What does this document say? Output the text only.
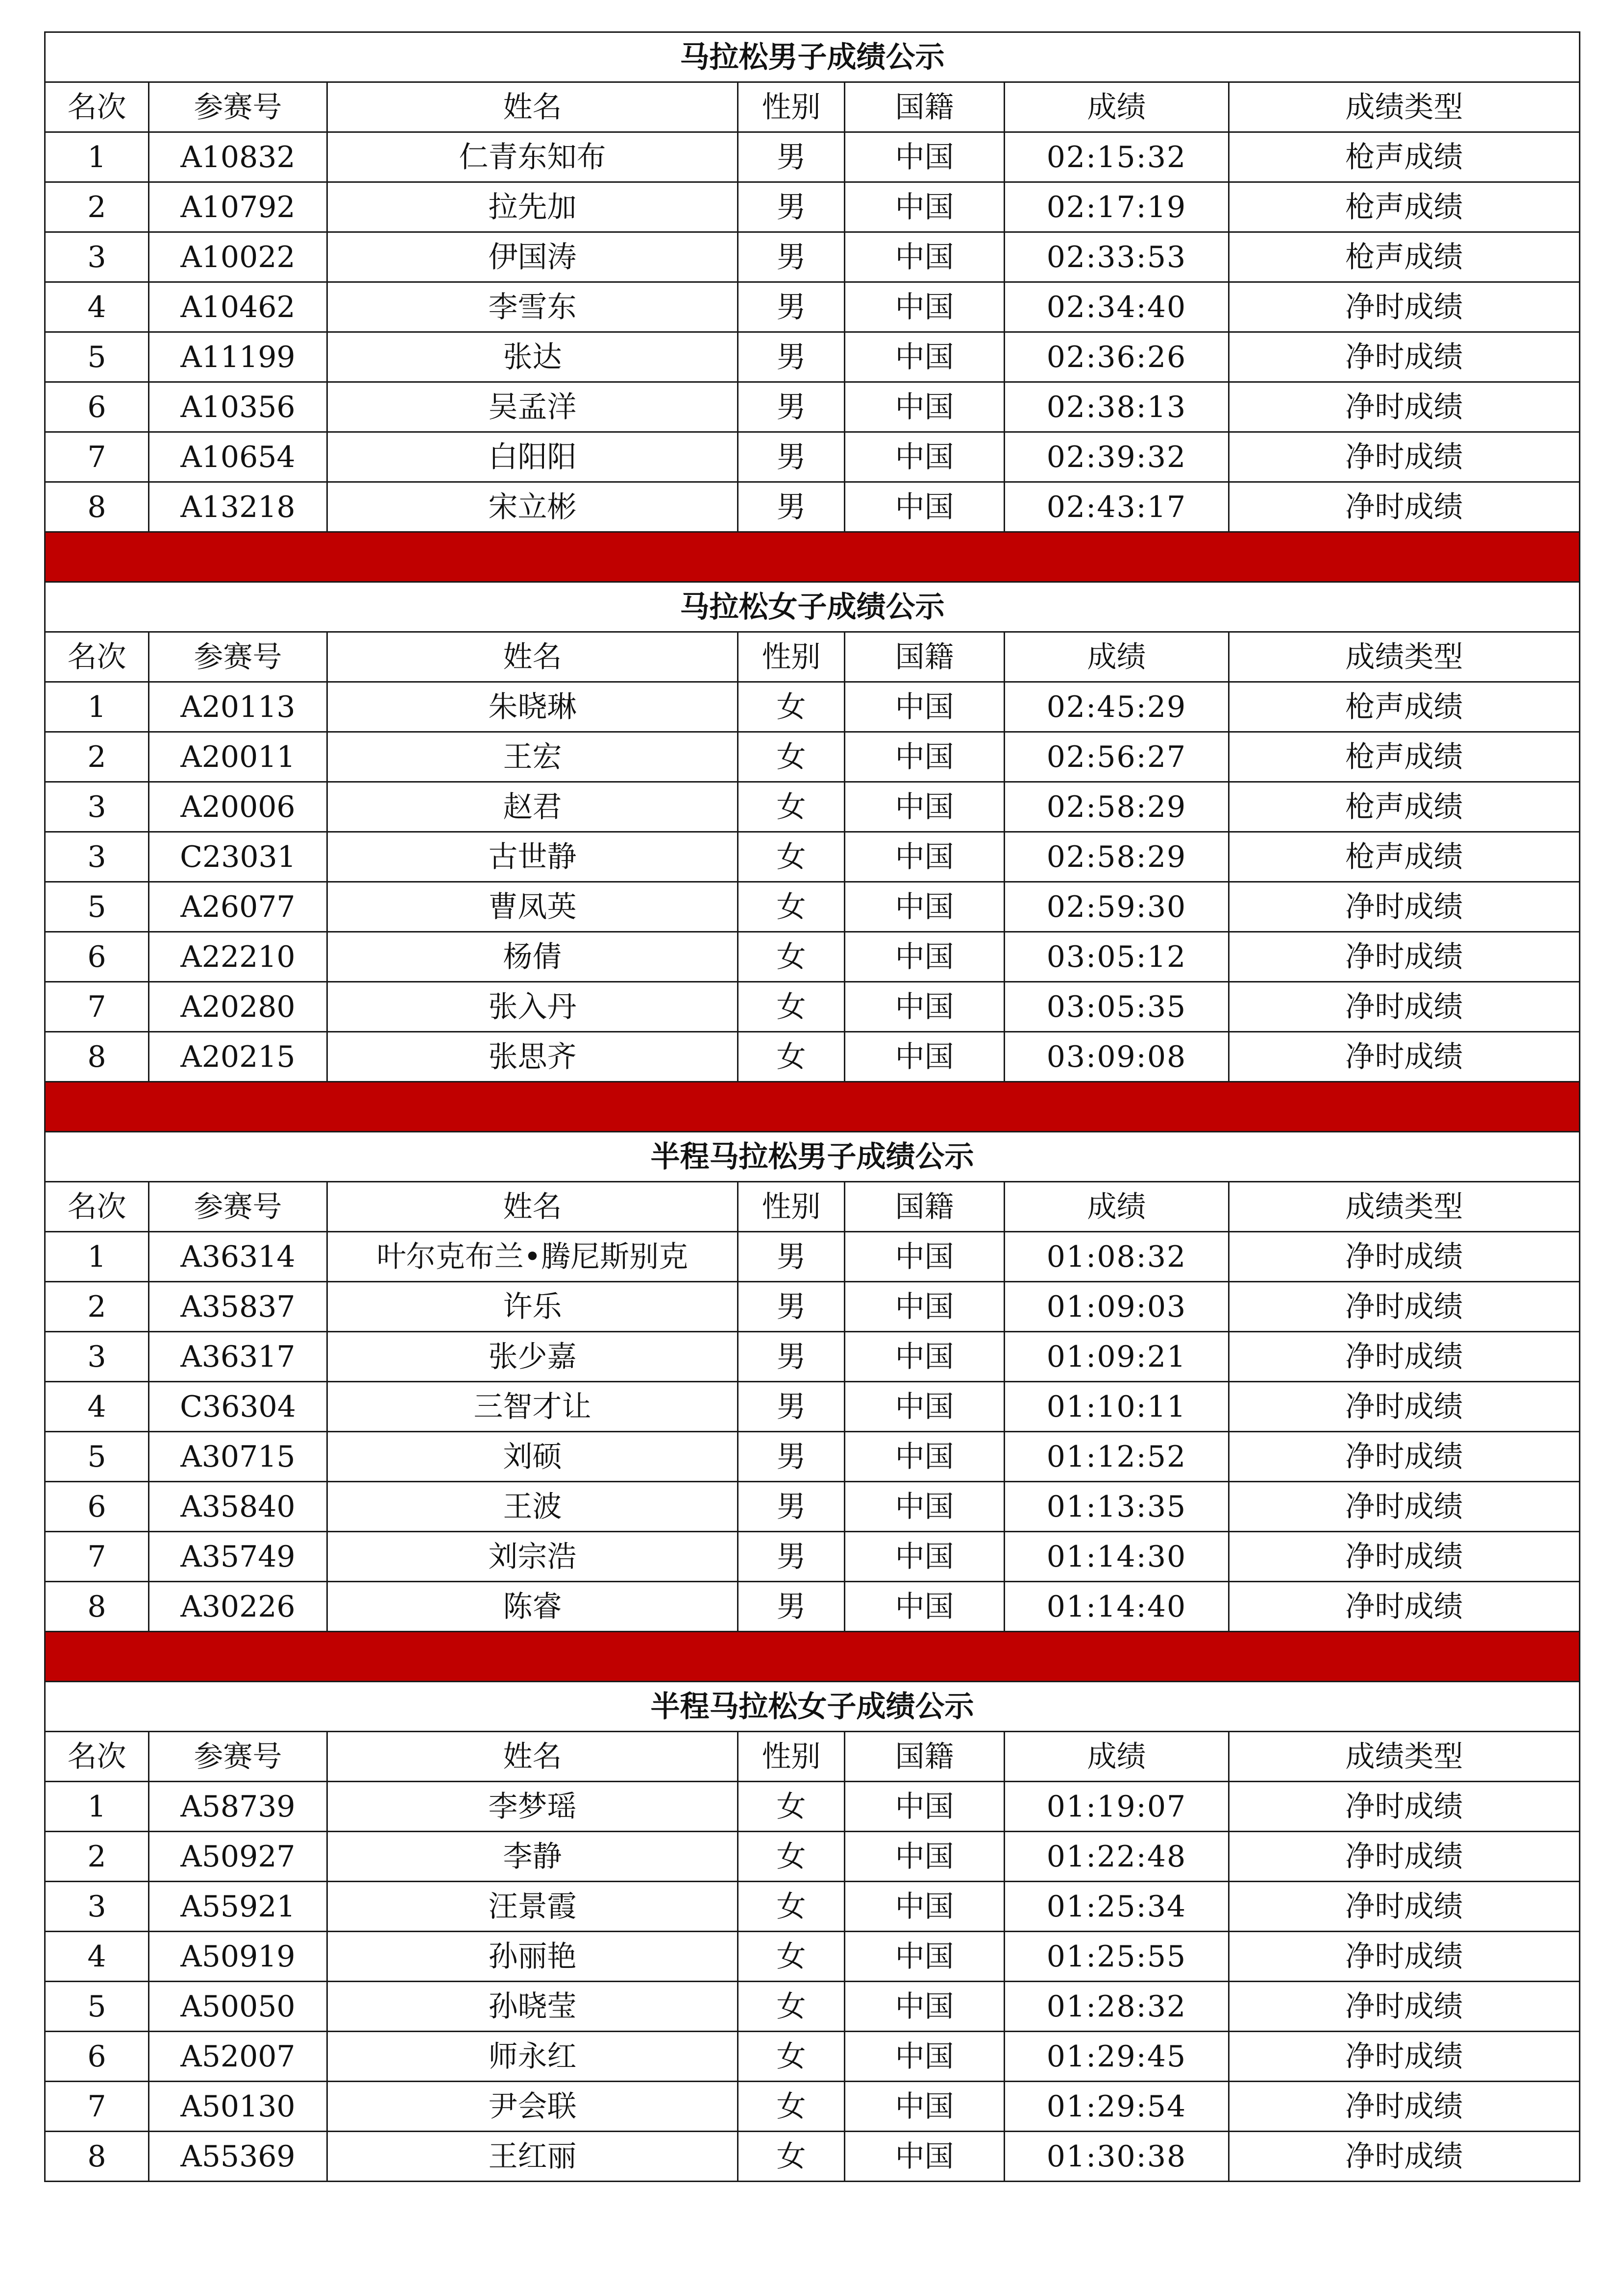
马拉松男子成绩公示						
名次	参赛号	姓名	性别	国籍	成绩	成绩类型
1	A10832	仁青东知布	男	中国	02:15:32	枪声成绩
2	A10792	拉先加	男	中国	02:17:19	枪声成绩
3	A10022	伊国涛	男	中国	02:33:53	枪声成绩
4	A10462	李雪东	男	中国	02:34:40	净时成绩
5	A11199	张达	男	中国	02:36:26	净时成绩
6	A10356	吴孟洋	男	中国	02:38:13	净时成绩
7	A10654	白阳阳	男	中国	02:39:32	净时成绩
8	A13218	宋立彬	男	中国	02:43:17	净时成绩

马拉松女子成绩公示						
名次	参赛号	姓名	性别	国籍	成绩	成绩类型
1	A20113	朱晓琳	女	中国	02:45:29	枪声成绩
2	A20011	王宏	女	中国	02:56:27	枪声成绩
3	A20006	赵君	女	中国	02:58:29	枪声成绩
3	C23031	古世静	女	中国	02:58:29	枪声成绩
5	A26077	曹凤英	女	中国	02:59:30	净时成绩
6	A22210	杨倩	女	中国	03:05:12	净时成绩
7	A20280	张入丹	女	中国	03:05:35	净时成绩
8	A20215	张思齐	女	中国	03:09:08	净时成绩

半程马拉松男子成绩公示						
名次	参赛号	姓名	性别	国籍	成绩	成绩类型
1	A36314	叶尔克布兰•腾尼斯别克	男	中国	01:08:32	净时成绩
2	A35837	许乐	男	中国	01:09:03	净时成绩
3	A36317	张少嘉	男	中国	01:09:21	净时成绩
4	C36304	三智才让	男	中国	01:10:11	净时成绩
5	A30715	刘硕	男	中国	01:12:52	净时成绩
6	A35840	王波	男	中国	01:13:35	净时成绩
7	A35749	刘宗浩	男	中国	01:14:30	净时成绩
8	A30226	陈睿	男	中国	01:14:40	净时成绩

半程马拉松女子成绩公示						
名次	参赛号	姓名	性别	国籍	成绩	成绩类型
1	A58739	李梦瑶	女	中国	01:19:07	净时成绩
2	A50927	李静	女	中国	01:22:48	净时成绩
3	A55921	汪景霞	女	中国	01:25:34	净时成绩
4	A50919	孙丽艳	女	中国	01:25:55	净时成绩
5	A50050	孙晓莹	女	中国	01:28:32	净时成绩
6	A52007	师永红	女	中国	01:29:45	净时成绩
7	A50130	尹会联	女	中国	01:29:54	净时成绩
8	A55369	王红丽	女	中国	01:30:38	净时成绩
